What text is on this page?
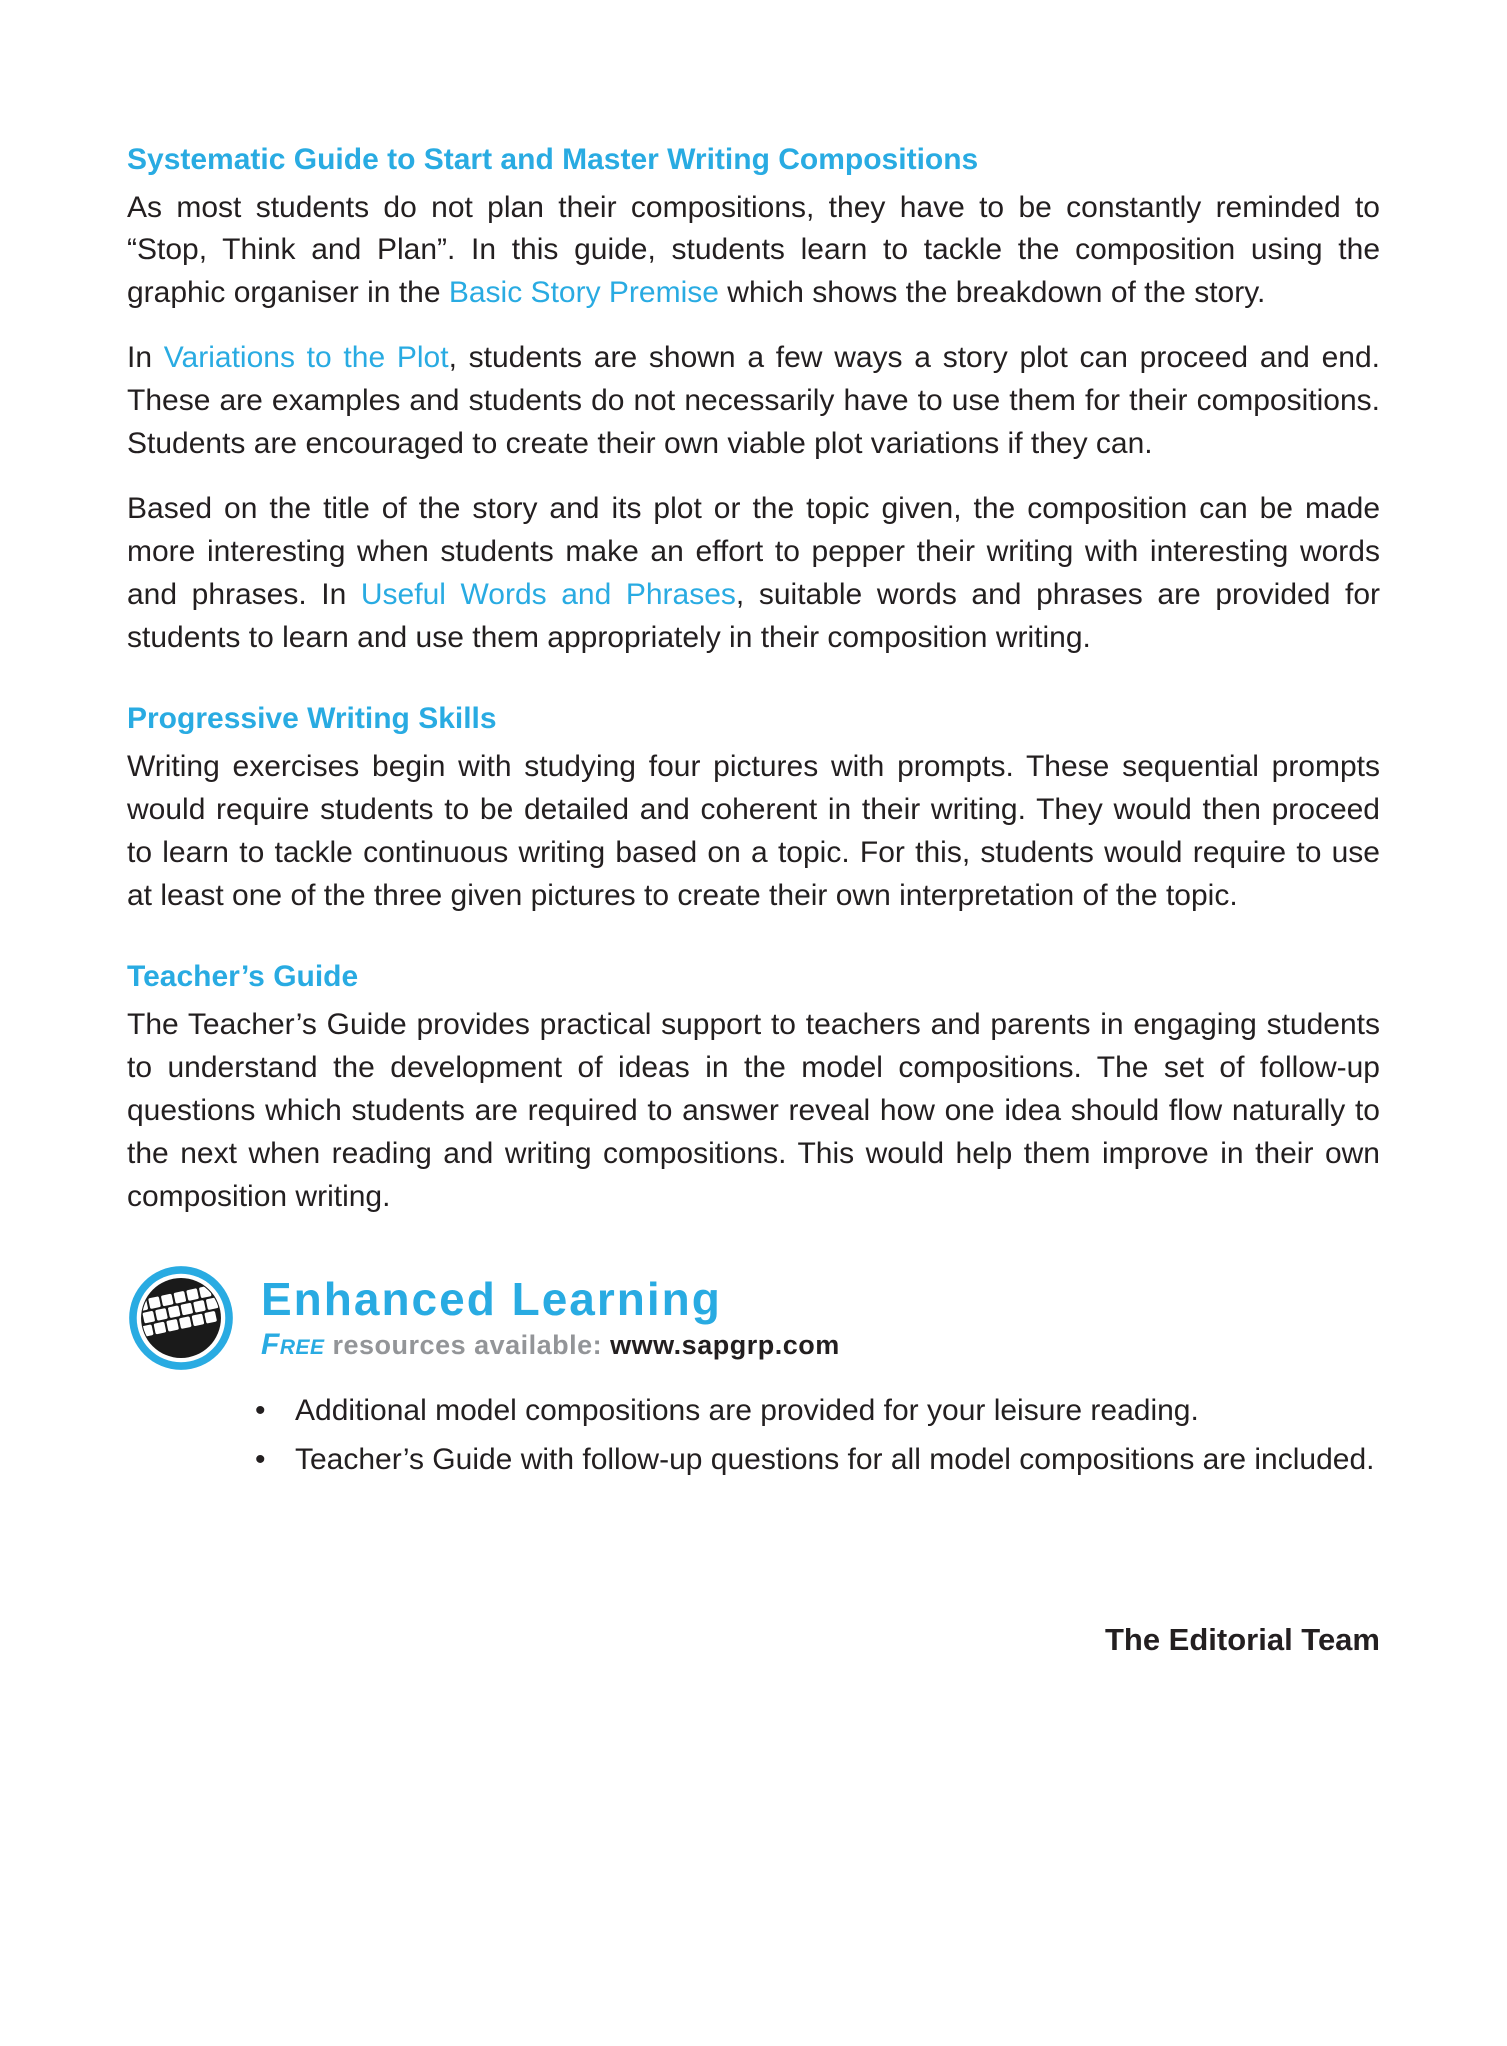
Systematic Guide to Start and Master Writing Compositions

As most students do not plan their compositions, they have to be constantly reminded to “Stop, Think and Plan”. In this guide, students learn to tackle the composition using the graphic organiser in the Basic Story Premise which shows the breakdown of the story.

In Variations to the Plot, students are shown a few ways a story plot can proceed and end. These are examples and students do not necessarily have to use them for their compositions. Students are encouraged to create their own viable plot variations if they can.

Based on the title of the story and its plot or the topic given, the composition can be made more interesting when students make an effort to pepper their writing with interesting words and phrases. In Useful Words and Phrases, suitable words and phrases are provided for students to learn and use them appropriately in their composition writing.

Progressive Writing Skills

Writing exercises begin with studying four pictures with prompts. These sequential prompts would require students to be detailed and coherent in their writing. They would then proceed to learn to tackle continuous writing based on a topic. For this, students would require to use at least one of the three given pictures to create their own interpretation of the topic.

Teacher’s Guide

The Teacher’s Guide provides practical support to teachers and parents in engaging students to understand the development of ideas in the model compositions. The set of follow-up questions which students are required to answer reveal how one idea should flow naturally to the next when reading and writing compositions. This would help them improve in their own composition writing.

Enhanced Learning
Free resources available: www.sapgrp.com
• Additional model compositions are provided for your leisure reading.
• Teacher’s Guide with follow-up questions for all model compositions are included.
The Editorial Team
